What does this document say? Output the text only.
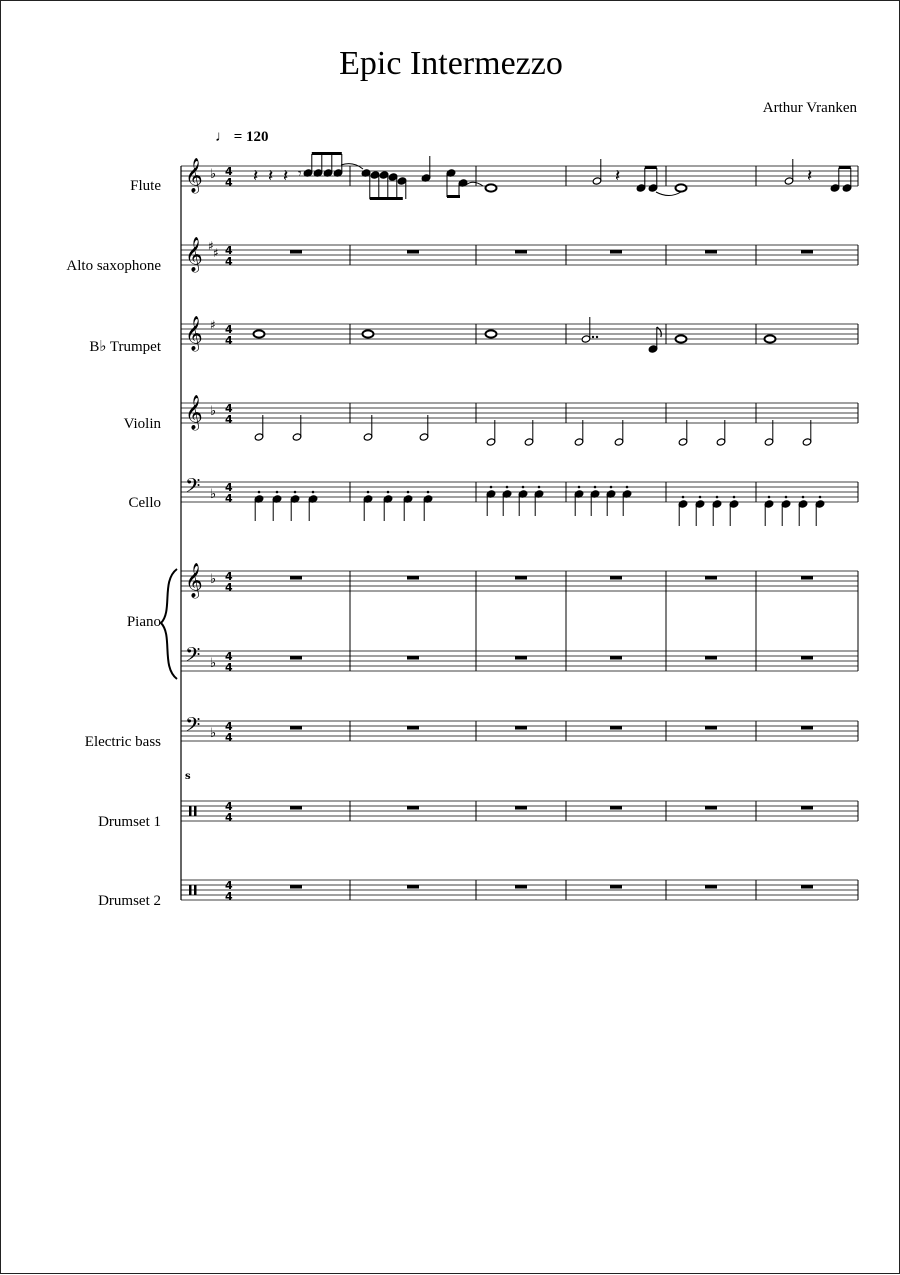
Epic Intermezzo
Arthur Vranken
♩ = 120
Flute
Alto saxophone
B♭ Trumpet
Violin
Cello
Piano
Electric bass
Drumset 1
Drumset 2
𝄞 ♭ 4
4
𝄞 ♯ ♯ 4
4
𝄞 ♯ 4
4
𝄞 ♭ 4
4
𝄢 ♭ 4
4
𝄞 ♭ 4
4
𝄢 ♭ 4
4
𝄢 ♭ 4
4
4
4
4
4
s
𝄽 𝄽 𝄽 𝄾	𝄽	𝄽
